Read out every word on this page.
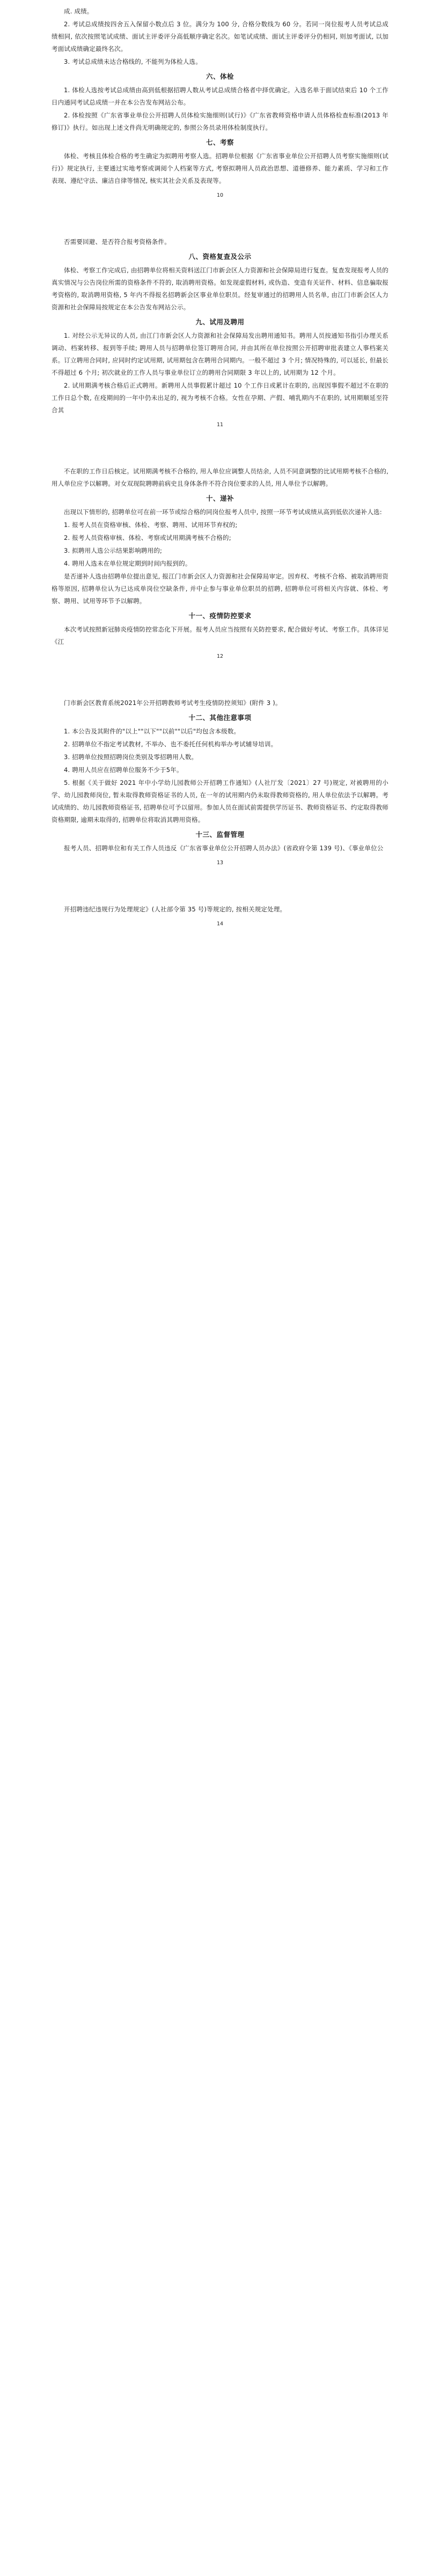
成. 成绩。
2. 考试总成绩按四舍五入保留小数点后 3 位。满分为 100 分, 合格分数线为 60 分。若同一岗位报考人员考试总成绩相同, 依次按照笔试成绩、面试主评委评分高低顺序确定名次。如笔试成绩、面试主评委评分仍相同, 则加考面试, 以加考面试成绩确定最终名次。
3. 考试总成绩未达合格线的, 不能列为体检人选。
六、体检
1. 体检人选按考试总成绩由高到低根据招聘人数从考试总成绩合格者中择优确定。入选名单于面试结束后 10 个工作日内通同考试总成绩一并在本公告发布网站公布。
2. 体检按照《广东省事业单位公开招聘人员体检实施细则(试行)》《广东省教师资格申请人员体格检查标准(2013 年修订)》执行。如出现上述文件尚无明确规定的, 参照公务员录用体检制度执行。
七、考察
体检、考核且体检合格的考生确定为拟聘用考察人选。招聘单位根据《广东省事业单位公开招聘人员考察实施细则(试行)》规定执行, 主要通过实地考察或调阅个人档案等方式, 考察拟聘用人员政治思想、道德修养、能力素质、学习和工作表现、遵纪守法、廉洁自律等情况, 核实其社会关系及表现等。
10
否需要回避、是否符合报考资格条件。
八、资格复查及公示
体检、考察工作完成后, 由招聘单位将相关资料送江门市新会区人力资源和社会保障局进行复查。复查发现报考人员的真实情况与公告岗位所需的资格条件不符的, 取消聘用资格。如发现虚假材料, 或伪造、变造有关证件、材料、信息骗取报考资格的, 取消聘用资格, 5 年内不得报名招聘新会区事业单位职员。经复审通过的招聘用人员名单, 由江门市新会区人力资源和社会保障局按规定在本公告发布网站公示。
九、试用及聘用
1. 对经公示无异议的人员, 由江门市新会区人力资源和社会保障局发出聘用通知书。聘用人员按通知书指引办理关系调动、档案转移、报到等手续; 聘用人员与招聘单位签订聘用合同, 并由其所在单位按照公开招聘审批表建立人事档案关系。订立聘用合同时, 应同时约定试用期, 试用期包含在聘用合同期内。一般不超过 3 个月; 情况特殊的, 可以延长, 但最长不得超过 6 个月; 初次就业的工作人员与事业单位订立的聘用合同期限 3 年以上的, 试用期为 12 个月。
2. 试用期满考核合格后正式聘用。新聘用人员事假累计超过 10 个工作日或累计在职的, 出现因事假不超过不在职的工作日总个数, 在疫期间的一年中仍未出足的, 视为考核不合格。女性在孕期、产假、哺乳期内不在职的, 试用期顺延至符合其
11
不在职的工作日后核定。试用期满考核不合格的, 用人单位应调整人员结余, 人员不同意调整的比试用期考核不合格的, 用人单位应予以解聘。对女双现院聘聘前病史且身体条件不符合岗位要求的人员, 用人单位予以解聘。
十、递补
出现以下情形的, 招聘单位可在前一环节或综合格的同岗位报考人员中, 按照一环节考试成绩从高到低依次递补人选:
1. 报考人员在资格审核、体检、考察、聘用、试用环节弃权的;
2. 报考人员资格审核、体检、考察或试用期满考核不合格的;
3. 拟聘用人选公示结果影响聘用的;
4. 聘用人选未在单位规定期到时间内报到的。
是否递补人选由招聘单位提出意见, 报江门市新会区人力资源和社会保障局审定。因弃权、考核不合格、被取消聘用资格等原因, 招聘单位认为已达成单岗位空缺条件, 并中止参与事业单位职员的招聘, 招聘单位可将相关内容就、体检、考察、聘用、试用等环节予以解聘。
十一、疫情防控要求
本次考试按照新冠肺炎疫情防控常态化下开展。报考人员应当按照有关防控要求, 配合做好考试、考察工作。具体详见《江
12
门市新会区教育系统2021年公开招聘教师考试考生疫情防控须知》(附件 3 )。
十二、其他注意事项
1. 本公告及其附件的"以上""以下""以前""以后"均包含本级数。
2. 招聘单位不指定考试教材, 不举办、也不委托任何机构举办考试辅导培训。
3. 招聘单位按照招聘岗位类别及零招聘用人数。
4. 聘用人员应在招聘单位服务不少于5年。
5. 根据《关于做好 2021 年中小学幼儿园教师公开招聘工作通知》(人社厅发〔2021〕27 号)规定, 对被聘用的小学、幼儿园教师岗位, 暂未取得教师资格证书的人员, 在一年的试用期内仍未取得教师资格的, 用人单位依法予以解聘。考试成绩的、幼儿园教师资格证书, 招聘单位可予以留用。参加人员在面试前需提供学历证书、教师资格证书、约定取得教师资格期限, 逾期未取得的, 招聘单位将取消其聘用资格。
十三、监督管理
报考人员、招聘单位和有关工作人员违反《广东省事业单位公开招聘人员办法》(省政府令第 139 号)、《事业单位公
13
开招聘违纪违规行为处理规定》(人社部令第 35 号)等规定的, 按相关规定处理。
14
